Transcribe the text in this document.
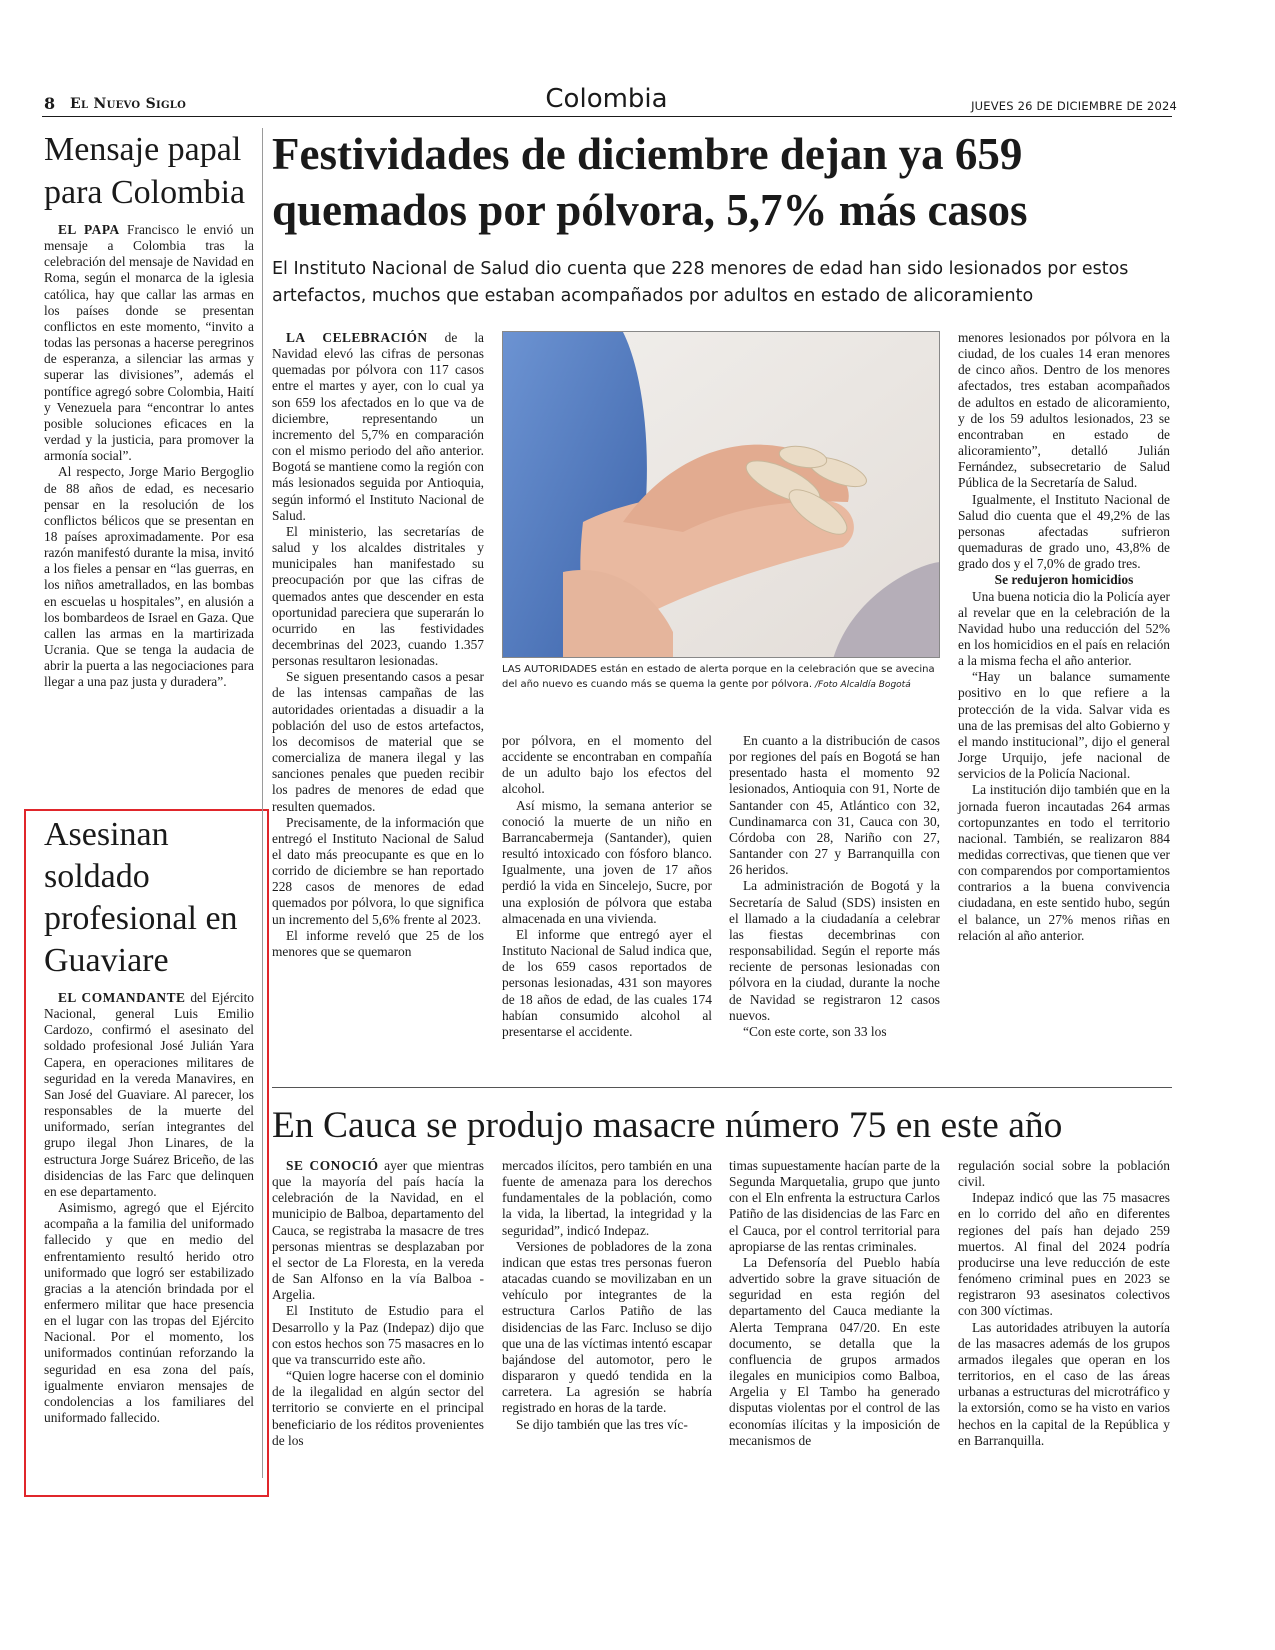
8 El Nuevo Siglo	Colombia	JUEVES 26 DE DICIEMBRE DE 2024
Mensaje papal para Colombia

EL PAPA Francisco le envió un mensaje a Colombia tras la celebración del mensaje de Navidad en Roma, según el monarca de la iglesia católica, hay que callar las armas en los países donde se presentan conflictos en este momento, “invito a todas las personas a hacerse peregrinos de esperanza, a silenciar las armas y superar las divisiones”, además el pontífice agregó sobre Colombia, Haití y Venezuela para “encontrar lo antes posible soluciones eficaces en la verdad y la justicia, para promover la armonía social”.

Al respecto, Jorge Mario Bergoglio de 88 años de edad, es necesario pensar en la resolución de los conflictos bélicos que se presentan en 18 países aproximadamente. Por esa razón manifestó durante la misa, invitó a los fieles a pensar en “las guerras, en los niños ametrallados, en las bombas en escuelas u hospitales”, en alusión a los bombardeos de Israel en Gaza. Que callen las armas en la martirizada Ucrania. Que se tenga la audacia de abrir la puerta a las negociaciones para llegar a una paz justa y duradera”.

Asesinan soldado profesional en Guaviare

EL COMANDANTE del Ejército Nacional, general Luis Emilio Cardozo, confirmó el asesinato del soldado profesional José Julián Yara Capera, en operaciones militares de seguridad en la vereda Manavires, en San José del Guaviare. Al parecer, los responsables de la muerte del uniformado, serían integrantes del grupo ilegal Jhon Linares, de la estructura Jorge Suárez Briceño, de las disidencias de las Farc que delinquen en ese departamento.

Asimismo, agregó que el Ejército acompaña a la familia del uniformado fallecido y que en medio del enfrentamiento resultó herido otro uniformado que logró ser estabilizado gracias a la atención brindada por el enfermero militar que hace presencia en el lugar con las tropas del Ejército Nacional. Por el momento, los uniformados continúan reforzando la seguridad en esa zona del país, igualmente enviaron mensajes de condolencias a los familiares del uniformado fallecido.

Festividades de diciembre dejan ya 659 quemados por pólvora, 5,7% más casos
El Instituto Nacional de Salud dio cuenta que 228 menores de edad han sido lesionados por estos artefactos, muchos que estaban acompañados por adultos en estado de alicoramiento
LAS AUTORIDADES están en estado de alerta porque en la celebración que se avecina del año nuevo es cuando más se quema la gente por pólvora. /Foto Alcaldía Bogotá

LA CELEBRACIÓN de la Navidad elevó las cifras de personas quemadas por pólvora con 117 casos entre el martes y ayer, con lo cual ya son 659 los afectados en lo que va de diciembre, representando un incremento del 5,7% en comparación con el mismo periodo del año anterior. Bogotá se mantiene como la región con más lesionados seguida por Antioquia, según informó el Instituto Nacional de Salud.

El ministerio, las secretarías de salud y los alcaldes distritales y municipales han manifestado su preocupación por que las cifras de quemados antes que descender en esta oportunidad pareciera que superarán lo ocurrido en las festividades decembrinas del 2023, cuando 1.357 personas resultaron lesionadas.

Se siguen presentando casos a pesar de las intensas campañas de las autoridades orientadas a disuadir a la población del uso de estos artefactos, los decomisos de material que se comercializa de manera ilegal y las sanciones penales que pueden recibir los padres de menores de edad que resulten quemados.

Precisamente, de la información que entregó el Instituto Nacional de Salud el dato más preocupante es que en lo corrido de diciembre se han reportado 228 casos de menores de edad quemados por pólvora, lo que significa un incremento del 5,6% frente al 2023.

El informe reveló que 25 de los menores que se quemaron

por pólvora, en el momento del accidente se encontraban en compañía de un adulto bajo los efectos del alcohol.

Así mismo, la semana anterior se conoció la muerte de un niño en Barrancabermeja (Santander), quien resultó intoxicado con fósforo blanco. Igualmente, una joven de 17 años perdió la vida en Sincelejo, Sucre, por una explosión de pólvora que estaba almacenada en una vivienda.

El informe que entregó ayer el Instituto Nacional de Salud indica que, de los 659 casos reportados de personas lesionadas, 431 son mayores de 18 años de edad, de las cuales 174 habían consumido alcohol al presentarse el accidente.

En cuanto a la distribución de casos por regiones del país en Bogotá se han presentado hasta el momento 92 lesionados, Antioquia con 91, Norte de Santander con 45, Atlántico con 32, Cundinamarca con 31, Cauca con 30, Córdoba con 28, Nariño con 27, Santander con 27 y Barranquilla con 26 heridos.

La administración de Bogotá y la Secretaría de Salud (SDS) insisten en el llamado a la ciudadanía a celebrar las fiestas decembrinas con responsabilidad. Según el reporte más reciente de personas lesionadas con pólvora en la ciudad, durante la noche de Navidad se registraron 12 casos nuevos.

“Con este corte, son 33 los

menores lesionados por pólvora en la ciudad, de los cuales 14 eran menores de cinco años. Dentro de los menores afectados, tres estaban acompañados de adultos en estado de alicoramiento, y de los 59 adultos lesionados, 23 se encontraban en estado de alicoramiento”, detalló Julián Fernández, subsecretario de Salud Pública de la Secretaría de Salud.

Igualmente, el Instituto Nacional de Salud dio cuenta que el 49,2% de las personas afectadas sufrieron quemaduras de grado uno, 43,8% de grado dos y el 7,0% de grado tres.

Se redujeron homicidios

Una buena noticia dio la Policía ayer al revelar que en la celebración de la Navidad hubo una reducción del 52% en los homicidios en el país en relación a la misma fecha el año anterior.

“Hay un balance sumamente positivo en lo que refiere a la protección de la vida. Salvar vida es una de las premisas del alto Gobierno y el mando institucional”, dijo el general Jorge Urquijo, jefe nacional de servicios de la Policía Nacional.

La institución dijo también que en la jornada fueron incautadas 264 armas cortopunzantes en todo el territorio nacional. También, se realizaron 884 medidas correctivas, que tienen que ver con comparendos por comportamientos contrarios a la buena convivencia ciudadana, en este sentido hubo, según el balance, un 27% menos riñas en relación al año anterior.

En Cauca se produjo masacre número 75 en este año

SE CONOCIÓ ayer que mientras que la mayoría del país hacía la celebración de la Navidad, en el municipio de Balboa, departamento del Cauca, se registraba la masacre de tres personas mientras se desplazaban por el sector de La Floresta, en la vereda de San Alfonso en la vía Balboa - Argelia.

El Instituto de Estudio para el Desarrollo y la Paz (Indepaz) dijo que con estos hechos son 75 masacres en lo que va transcurrido este año.

“Quien logre hacerse con el dominio de la ilegalidad en algún sector del territorio se convierte en el principal beneficiario de los réditos provenientes de los

mercados ilícitos, pero también en una fuente de amenaza para los derechos fundamentales de la población, como la vida, la libertad, la integridad y la seguridad”, indicó Indepaz.

Versiones de pobladores de la zona indican que estas tres personas fueron atacadas cuando se movilizaban en un vehículo por integrantes de la estructura Carlos Patiño de las disidencias de las Farc. Incluso se dijo que una de las víctimas intentó escapar bajándose del automotor, pero le dispararon y quedó tendida en la carretera. La agresión se habría registrado en horas de la tarde.

Se dijo también que las tres víc-

timas supuestamente hacían parte de la Segunda Marquetalia, grupo que junto con el Eln enfrenta la estructura Carlos Patiño de las disidencias de las Farc en el Cauca, por el control territorial para apropiarse de las rentas criminales.

La Defensoría del Pueblo había advertido sobre la grave situación de seguridad en esta región del departamento del Cauca mediante la Alerta Temprana 047/20. En este documento, se detalla que la confluencia de grupos armados ilegales en municipios como Balboa, Argelia y El Tambo ha generado disputas violentas por el control de las economías ilícitas y la imposición de mecanismos de

regulación social sobre la población civil.

Indepaz indicó que las 75 masacres en lo corrido del año en diferentes regiones del país han dejado 259 muertos. Al final del 2024 podría producirse una leve reducción de este fenómeno criminal pues en 2023 se registraron 93 asesinatos colectivos con 300 víctimas.

Las autoridades atribuyen la autoría de las masacres además de los grupos armados ilegales que operan en los territorios, en el caso de las áreas urbanas a estructuras del microtráfico y la extorsión, como se ha visto en varios hechos en la capital de la República y en Barranquilla.
